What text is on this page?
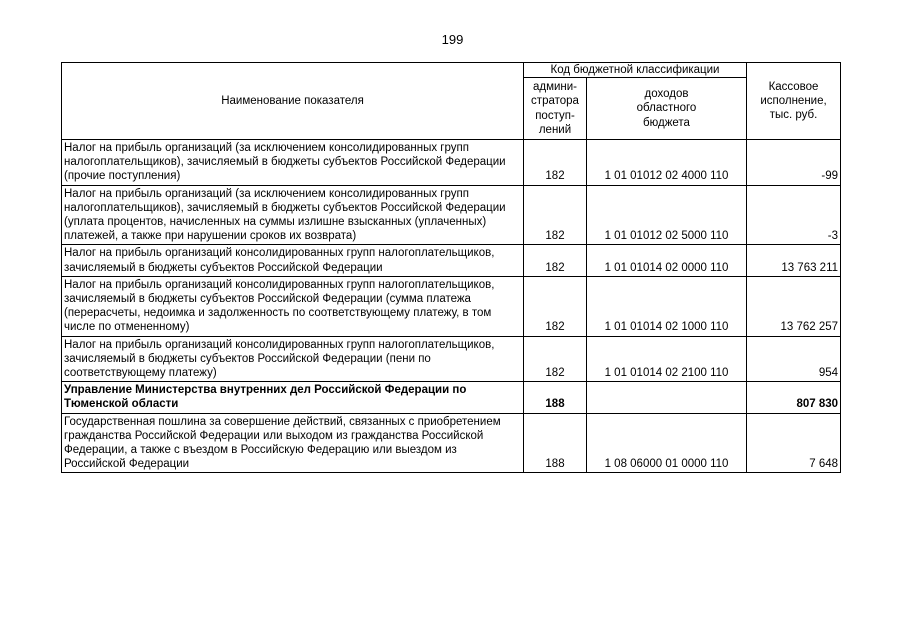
199
Наименование показателя	Код бюджетной классификации		Кассовое исполнение, тыс. руб.
	админи-стратора поступ-лений	доходов областного бюджета	
Налог на прибыль организаций (за исключением консолидированных групп налогоплательщиков), зачисляемый в бюджеты субъектов Российской Федерации (прочие поступления)	182	1 01 01012 02 4000 110	-99
Налог на прибыль организаций (за исключением консолидированных групп налогоплательщиков), зачисляемый в бюджеты субъектов Российской Федерации (уплата процентов, начисленных на суммы излишне взысканных (уплаченных) платежей, а также при нарушении сроков их возврата)	182	1 01 01012 02 5000 110	-3
Налог на прибыль организаций консолидированных групп налогоплательщиков, зачисляемый в бюджеты субъектов Российской Федерации	182	1 01 01014 02 0000 110	13 763 211
Налог на прибыль организаций консолидированных групп налогоплательщиков, зачисляемый в бюджеты субъектов Российской Федерации (сумма платежа (перерасчеты, недоимка и задолженность по соответствующему платежу, в том числе по отмененному)	182	1 01 01014 02 1000 110	13 762 257
Налог на прибыль организаций консолидированных групп налогоплательщиков, зачисляемый в бюджеты субъектов Российской Федерации (пени по соответствующему платежу)	182	1 01 01014 02 2100 110	954
Управление Министерства внутренних дел Российской Федерации по Тюменской области	188		807 830
Государственная пошлина за совершение действий, связанных с приобретением гражданства Российской Федерации или выходом из гражданства Российской Федерации, а также с въездом в Российскую Федерацию или выездом из Российской Федерации	188	1 08 06000 01 0000 110	7 648
